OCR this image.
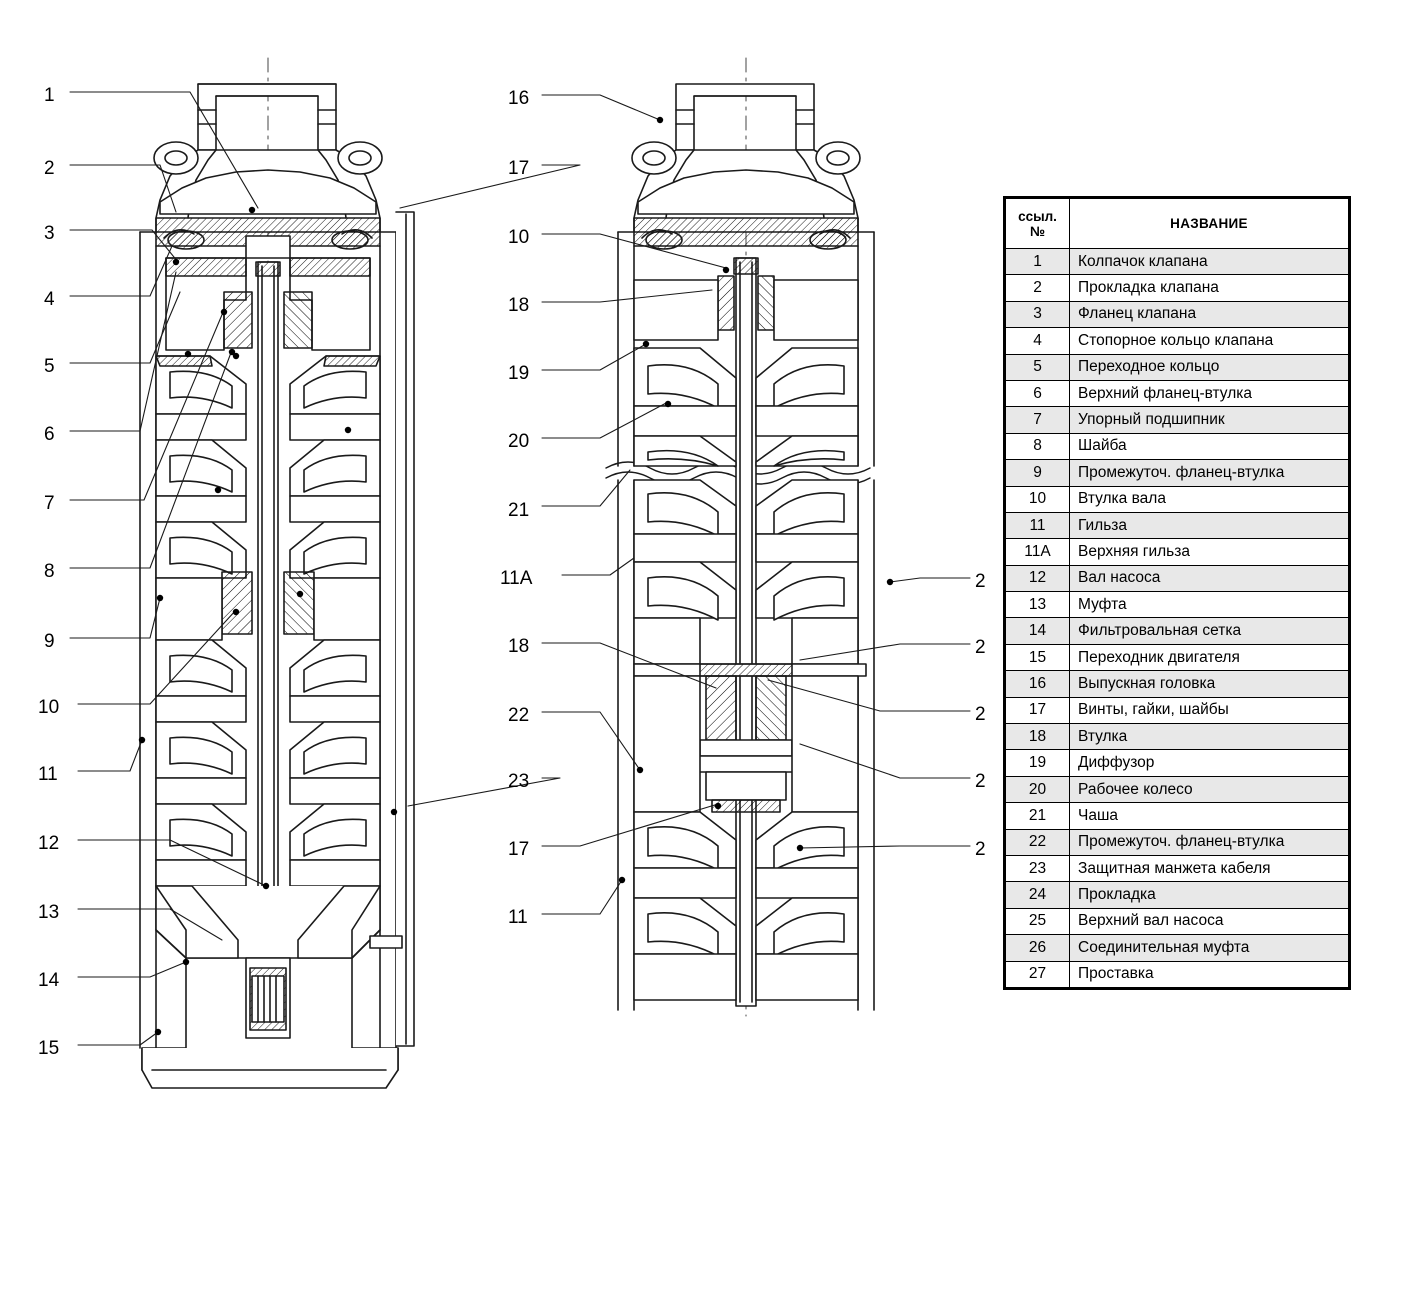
1
2
3
4
5
6
7
8
9
10
11
12
13
14
15
16
17
10
18
19
20
21
11A
18
22
23
17
11
2
2
2
2
2
ссыл.
№	НАЗВАНИЕ
1	Колпачок клапана
2	Прокладка клапана
3	Фланец клапана
4	Стопорное кольцо клапана
5	Переходное кольцо
6	Верхний фланец-втулка
7	Упорный подшипник
8	Шайба
9	Промежуточ. фланец-втулка
10	Втулка вала
11	Гильза
11А	Верхняя гильза
12	Вал насоса
13	Муфта
14	Фильтровальная сетка
15	Переходник двигателя
16	Выпускная головка
17	Винты, гайки, шайбы
18	Втулка
19	Диффузор
20	Рабочее колесо
21	Чаша
22	Промежуточ. фланец-втулка
23	Защитная манжета кабеля
24	Прокладка
25	Верхний вал насоса
26	Соединительная муфта
27	Проставка
